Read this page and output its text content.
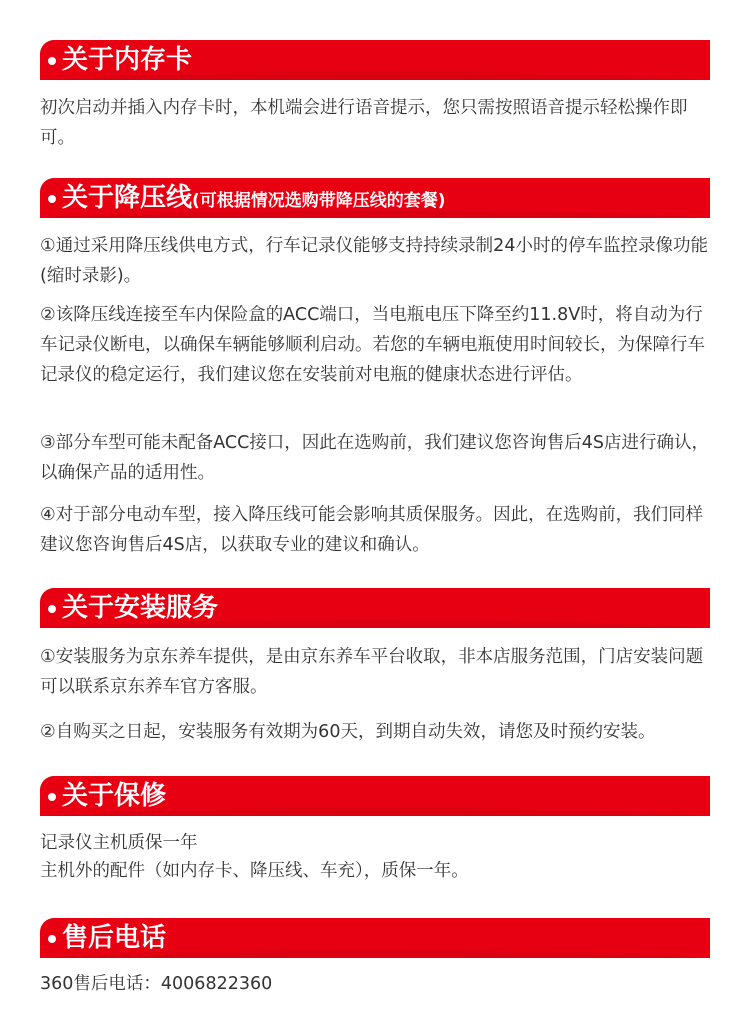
关于内存卡

初次启动并插入内存卡时，本机端会进行语音提示，您只需按照语音提示轻松操作即可。

关于降压线(可根据情况选购带降压线的套餐)

①通过采用降压线供电方式，行车记录仪能够支持持续录制24小时的停车监控录像功能(缩时录影)。

②该降压线连接至车内保险盒的ACC端口，当电瓶电压下降至约11.8V时，将自动为行车记录仪断电，以确保车辆能够顺利启动。若您的车辆电瓶使用时间较长，为保障行车记录仪的稳定运行，我们建议您在安装前对电瓶的健康状态进行评估。

③部分车型可能未配备ACC接口，因此在选购前，我们建议您咨询售后4S店进行确认，以确保产品的适用性。

④对于部分电动车型，接入降压线可能会影响其质保服务。因此，在选购前，我们同样建议您咨询售后4S店，以获取专业的建议和确认。

关于安装服务

①安装服务为京东养车提供，是由京东养车平台收取，非本店服务范围，门店安装问题可以联系京东养车官方客服。

②自购买之日起，安装服务有效期为60天，到期自动失效，请您及时预约安装。

关于保修

记录仪主机质保一年

主机外的配件（如内存卡、降压线、车充），质保一年。

售后电话

360售后电话：4006822360
